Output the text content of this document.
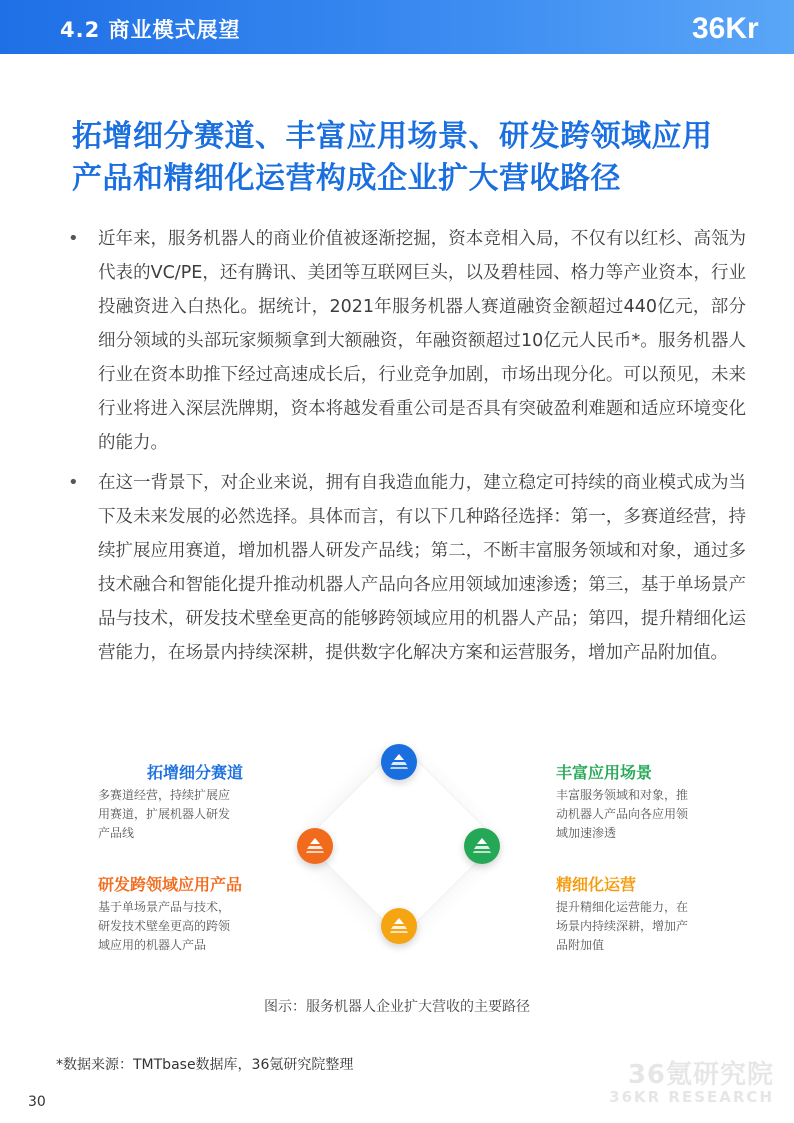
4.2 商业模式展望	36Kr
拓增细分赛道、丰富应用场景、研发跨领域应用产品和精细化运营构成企业扩大营收路径
• 近年来，服务机器人的商业价值被逐渐挖掘，资本竞相入局，不仅有以红杉、高瓴为代表的VC/PE，还有腾讯、美团等互联网巨头，以及碧桂园、格力等产业资本，行业投融资进入白热化。据统计，2021年服务机器人赛道融资金额超过440亿元，部分细分领域的头部玩家频频拿到大额融资，年融资额超过10亿元人民币*。服务机器人行业在资本助推下经过高速成长后，行业竞争加剧，市场出现分化。可以预见，未来行业将进入深层洗牌期，资本将越发看重公司是否具有突破盈利难题和适应环境变化的能力。
• 在这一背景下，对企业来说，拥有自我造血能力，建立稳定可持续的商业模式成为当下及未来发展的必然选择。具体而言，有以下几种路径选择：第一，多赛道经营，持续扩展应用赛道，增加机器人研发产品线；第二，不断丰富服务领域和对象，通过多技术融合和智能化提升推动机器人产品向各应用领域加速渗透；第三，基于单场景产品与技术，研发技术壁垒更高的能够跨领域应用的机器人产品；第四，提升精细化运营能力，在场景内持续深耕，提供数字化解决方案和运营服务，增加产品附加值。
拓增细分赛道
多赛道经营，持续扩展应
用赛道，扩展机器人研发
产品线
丰富应用场景
丰富服务领域和对象，推
动机器人产品向各应用领
域加速渗透
研发跨领域应用产品
基于单场景产品与技术，
研发技术壁垒更高的跨领
域应用的机器人产品
精细化运营
提升精细化运营能力，在
场景内持续深耕，增加产
品附加值
图示：服务机器人企业扩大营收的主要路径
*数据来源：TMTbase数据库，36氪研究院整理	36氪研究院
36KR RESEARCH
30
